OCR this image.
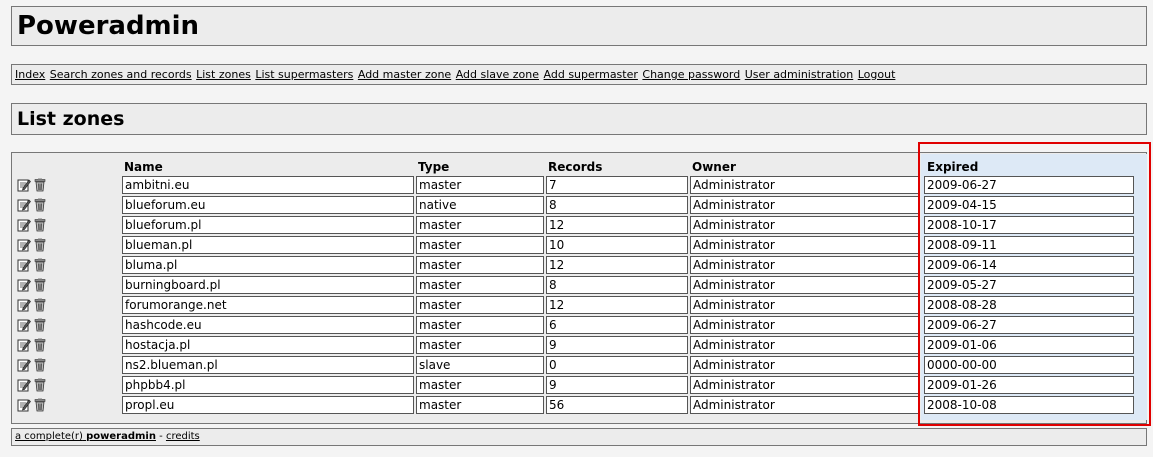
Poweradmin
Index Search zones and records List zones List supermasters Add master zone Add slave zone Add supermaster Change password User administration Logout
List zones
	Name	Type	Records	Owner		Expired
	ambitni.eu	master	7	Administrator		2009-06-27
	blueforum.eu	native	8	Administrator		2009-04-15
	blueforum.pl	master	12	Administrator		2008-10-17
	blueman.pl	master	10	Administrator		2008-09-11
	bluma.pl	master	12	Administrator		2009-06-14
	burningboard.pl	master	8	Administrator		2009-05-27
	forumorange.net	master	12	Administrator		2008-08-28
	hashcode.eu	master	6	Administrator		2009-06-27
	hostacja.pl	master	9	Administrator		2009-01-06
	ns2.blueman.pl	slave	0	Administrator		0000-00-00
	phpbb4.pl	master	9	Administrator		2009-01-26
	propl.eu	master	56	Administrator		2008-10-08
a complete(r) poweradmin - credits
